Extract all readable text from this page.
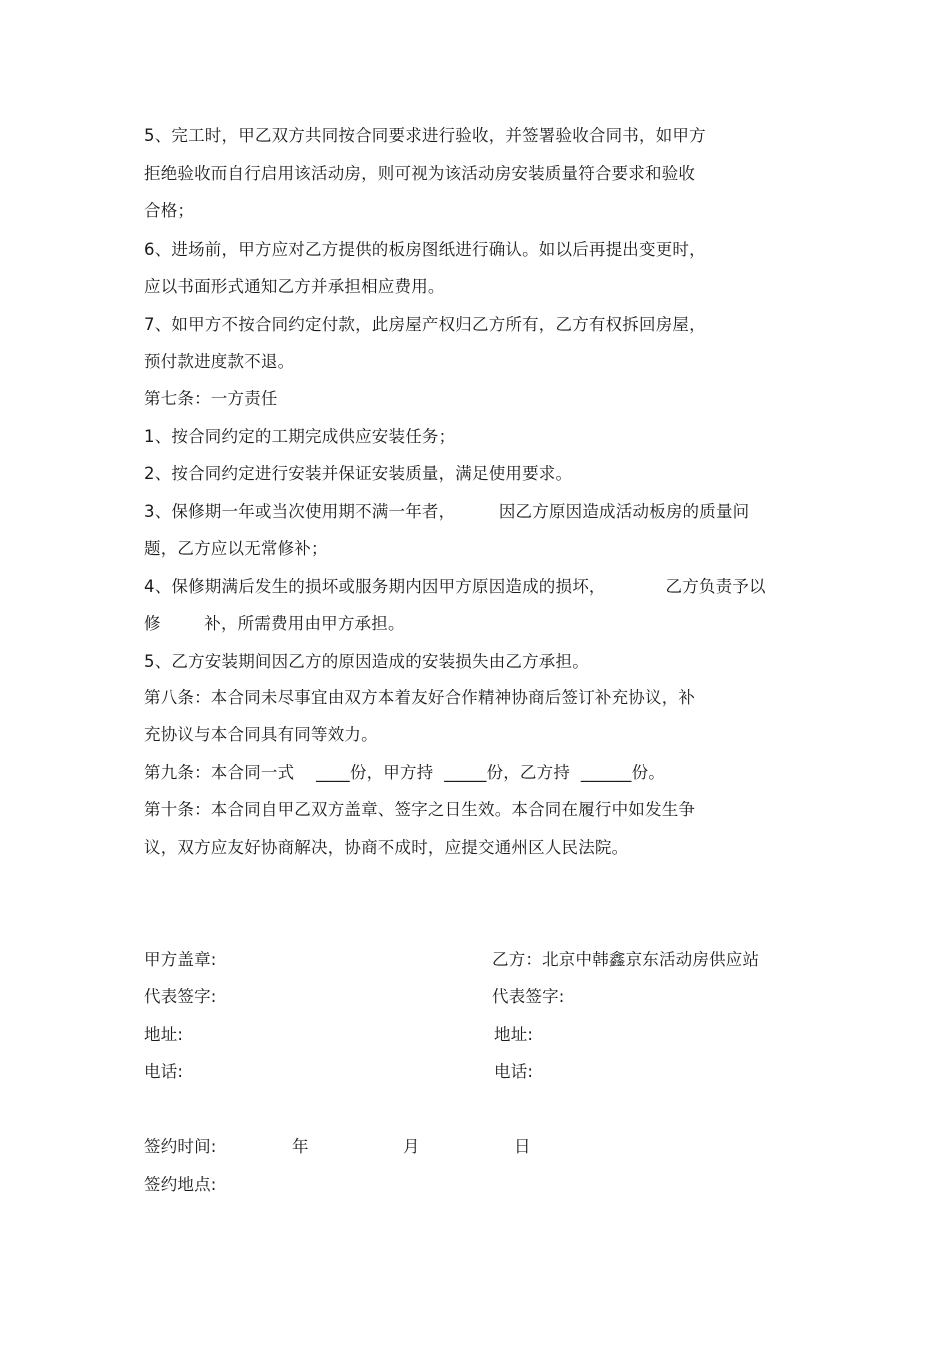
5、完工时，甲乙双方共同按合同要求进行验收，并签署验收合同书，如甲方
拒绝验收而自行启用该活动房，则可视为该活动房安装质量符合要求和验收
合格；
6、进场前，甲方应对乙方提供的板房图纸进行确认。如以后再提出变更时，
应以书面形式通知乙方并承担相应费用。
7、如甲方不按合同约定付款，此房屋产权归乙方所有，乙方有权拆回房屋，
预付款进度款不退。
第七条：一方责任
1、按合同约定的工期完成供应安装任务；
2、按合同约定进行安装并保证安装质量，满足使用要求。
3、保修期一年或当次使用期不满一年者，        因乙方原因造成活动板房的质量问
题，乙方应以无常修补；
4、保修期满后发生的损坏或服务期内因甲方原因造成的损坏，           乙方负责予以
修        补，所需费用由甲方承担。
5、乙方安装期间因乙方的原因造成的安装损失由乙方承担。
第八条：本合同未尽事宜由双方本着友好合作精神协商后签订补充协议，补
充协议与本合同具有同等效力。
第九条：本合同一式    ____份，甲方持  _____份，乙方持  ______份。
第十条：本合同自甲乙双方盖章、签字之日生效。本合同在履行中如发生争
议，双方应友好协商解决，协商不成时，应提交通州区人民法院。
甲方盖章:	乙方：北京中韩鑫京东活动房供应站
代表签字:	代表签字:
地址:	地址:
电话:	电话:
签约时间:	年	月	日
签约地点:
